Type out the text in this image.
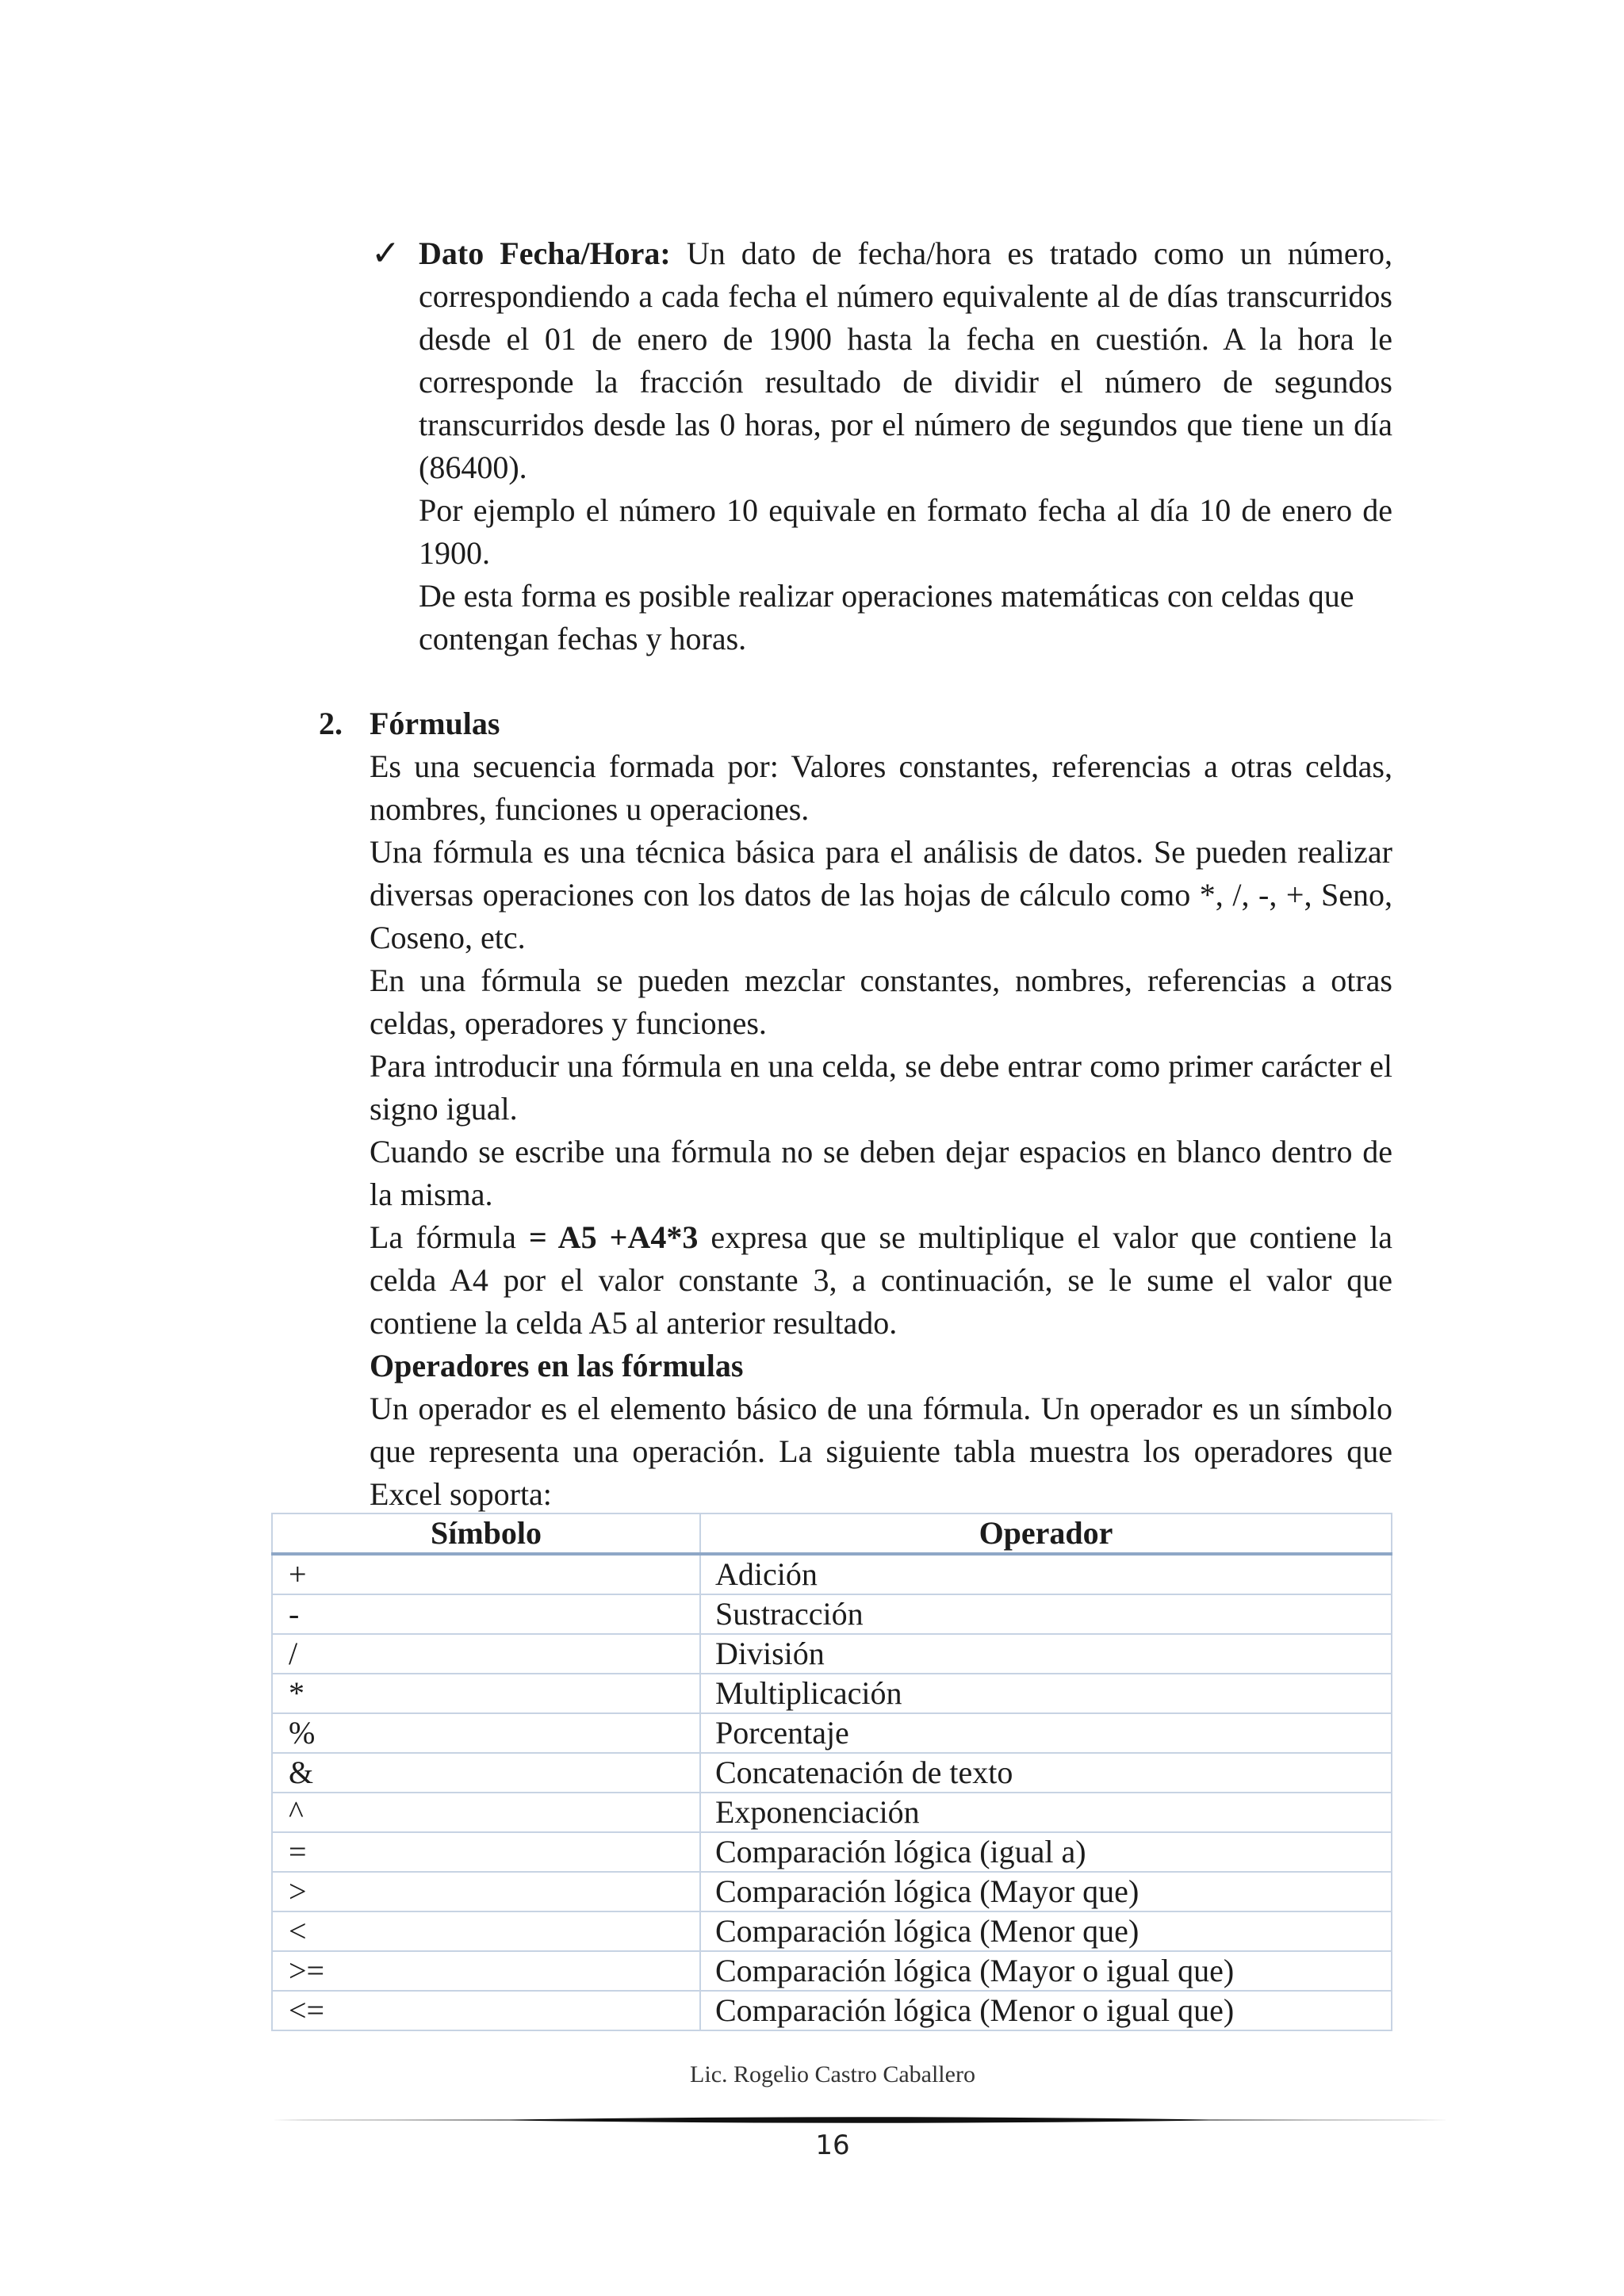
✓ Dato Fecha/Hora: Un dato de fecha/hora es tratado como un número, correspondiendo a cada fecha el número equivalente al de días transcurridos desde el 01 de enero de 1900 hasta la fecha en cuestión. A la hora le corresponde la fracción resultado de dividir el número de segundos transcurridos desde las 0 horas, por el número de segundos que tiene un día (86400).

Por ejemplo el número 10 equivale en formato fecha al día 10 de enero de 1900.

De esta forma es posible realizar operaciones matemáticas con celdas que contengan fechas y horas.

2. Fórmulas

Es una secuencia formada por: Valores constantes, referencias a otras celdas, nombres, funciones u operaciones.

Una fórmula es una técnica básica para el análisis de datos. Se pueden realizar diversas operaciones con los datos de las hojas de cálculo como *, /, -, +, Seno, Coseno, etc.

En una fórmula se pueden mezclar constantes, nombres, referencias a otras celdas, operadores y funciones.

Para introducir una fórmula en una celda, se debe entrar como primer carácter el signo igual.

Cuando se escribe una fórmula no se deben dejar espacios en blanco dentro de la misma.

La fórmula = A5 +A4*3 expresa que se multiplique el valor que contiene la celda A4 por el valor constante 3, a continuación, se le sume el valor que contiene la celda A5 al anterior resultado.

Operadores en las fórmulas

Un operador es el elemento básico de una fórmula. Un operador es un símbolo que representa una operación. La siguiente tabla muestra los operadores que Excel soporta:

Símbolo	Operador
+	Adición
-	Sustracción
/	División
*	Multiplicación
%	Porcentaje
&	Concatenación de texto
^	Exponenciación
=	Comparación lógica (igual a)
>	Comparación lógica (Mayor que)
<	Comparación lógica (Menor que)
>=	Comparación lógica (Mayor o igual que)
<=	Comparación lógica (Menor o igual que)
Lic. Rogelio Castro Caballero
16
